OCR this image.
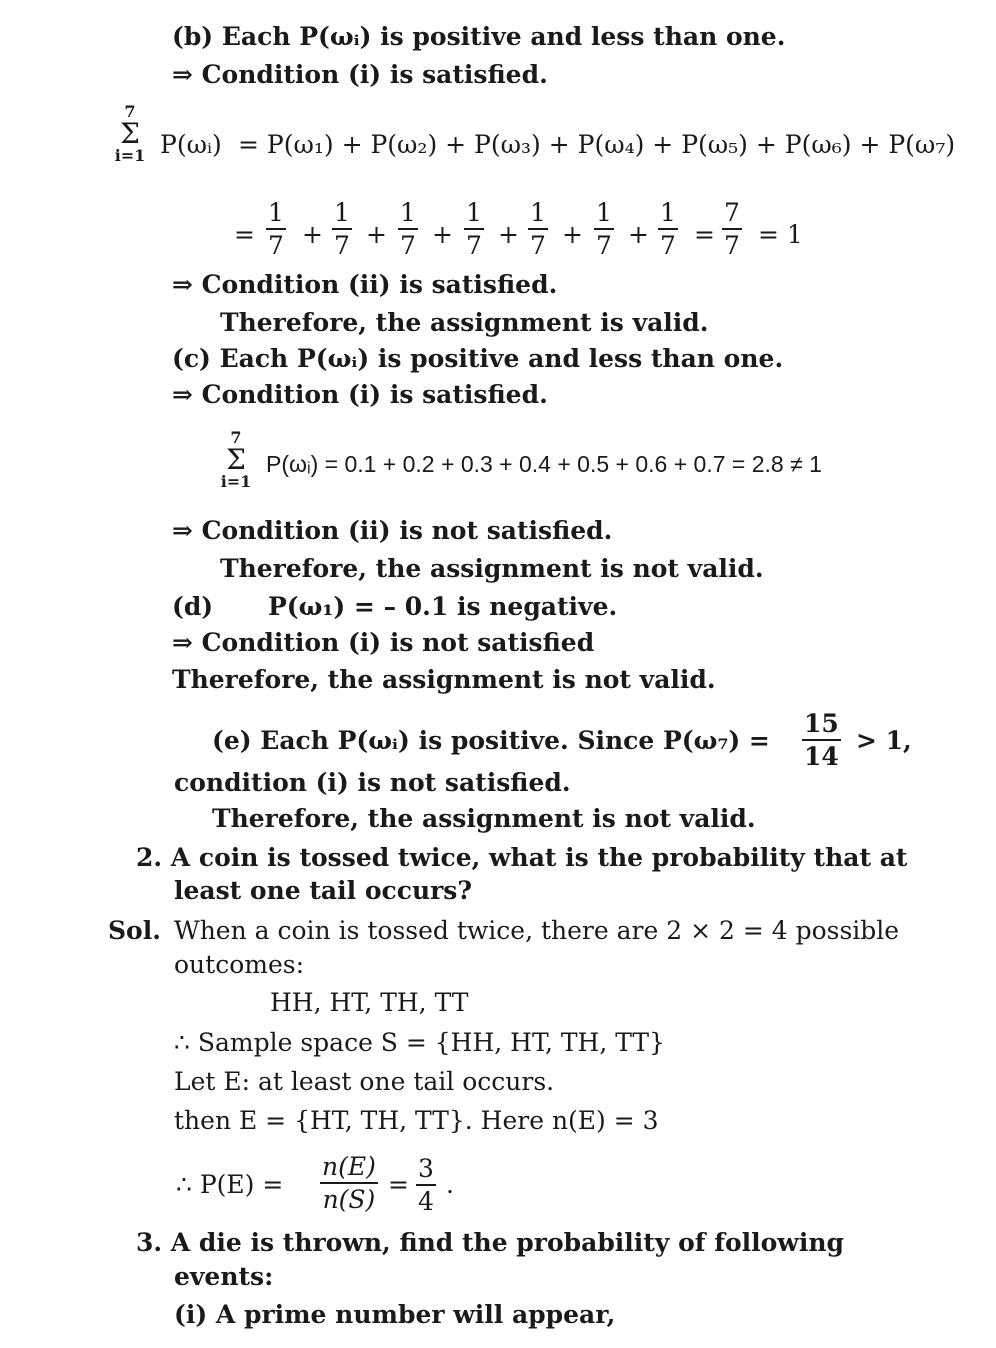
(b) Each P(ωᵢ) is positive and less than one.
⇒ Condition (i) is satisfied.
7
Σ
i=1 P(ωᵢ) = P(ω₁) + P(ω₂) + P(ω₃) + P(ω₄) + P(ω₅) + P(ω₆) + P(ω₇)
= $\frac{1}{7} + \frac{1}{7} + \frac{1}{7} + \frac{1}{7} + \frac{1}{7} + \frac{1}{7} + \frac{1}{7} = \frac{7}{7} = 1$
⇒ Condition (ii) is satisfied.
Therefore, the assignment is valid.
(c) Each P(ωᵢ) is positive and less than one.
⇒ Condition (i) is satisfied.
7
Σ
i=1
P(ωᵢ) = 0.1 + 0.2 + 0.3 + 0.4 + 0.5 + 0.6 + 0.7 = 2.8 ≠ 1
⇒ Condition (ii) is not satisfied.
Therefore, the assignment is not valid.
(d) P(ω₁) = – 0.1 is negative.
⇒ Condition (i) is not satisfied
Therefore, the assignment is not valid.
(e) Each P(ωᵢ) is positive. Since $P(\omega_7) = \frac{15}{14} > 1$,
condition (i) is not satisfied.
Therefore, the assignment is not valid.
2. A coin is tossed twice, what is the probability that at
least one tail occurs?
Sol. When a coin is tossed twice, there are 2 × 2 = 4 possible
outcomes:
HH, HT, TH, TT
∴ Sample space S = {HH, HT, TH, TT}
Let E: at least one tail occurs.
then E = {HT, TH, TT}. Here n(E) = 3
∴ $P(E) = \frac{n(E)}{n(S)} = \frac{3}{4}$ .
3. A die is thrown, find the probability of following
events:
(i) A prime number will appear,
